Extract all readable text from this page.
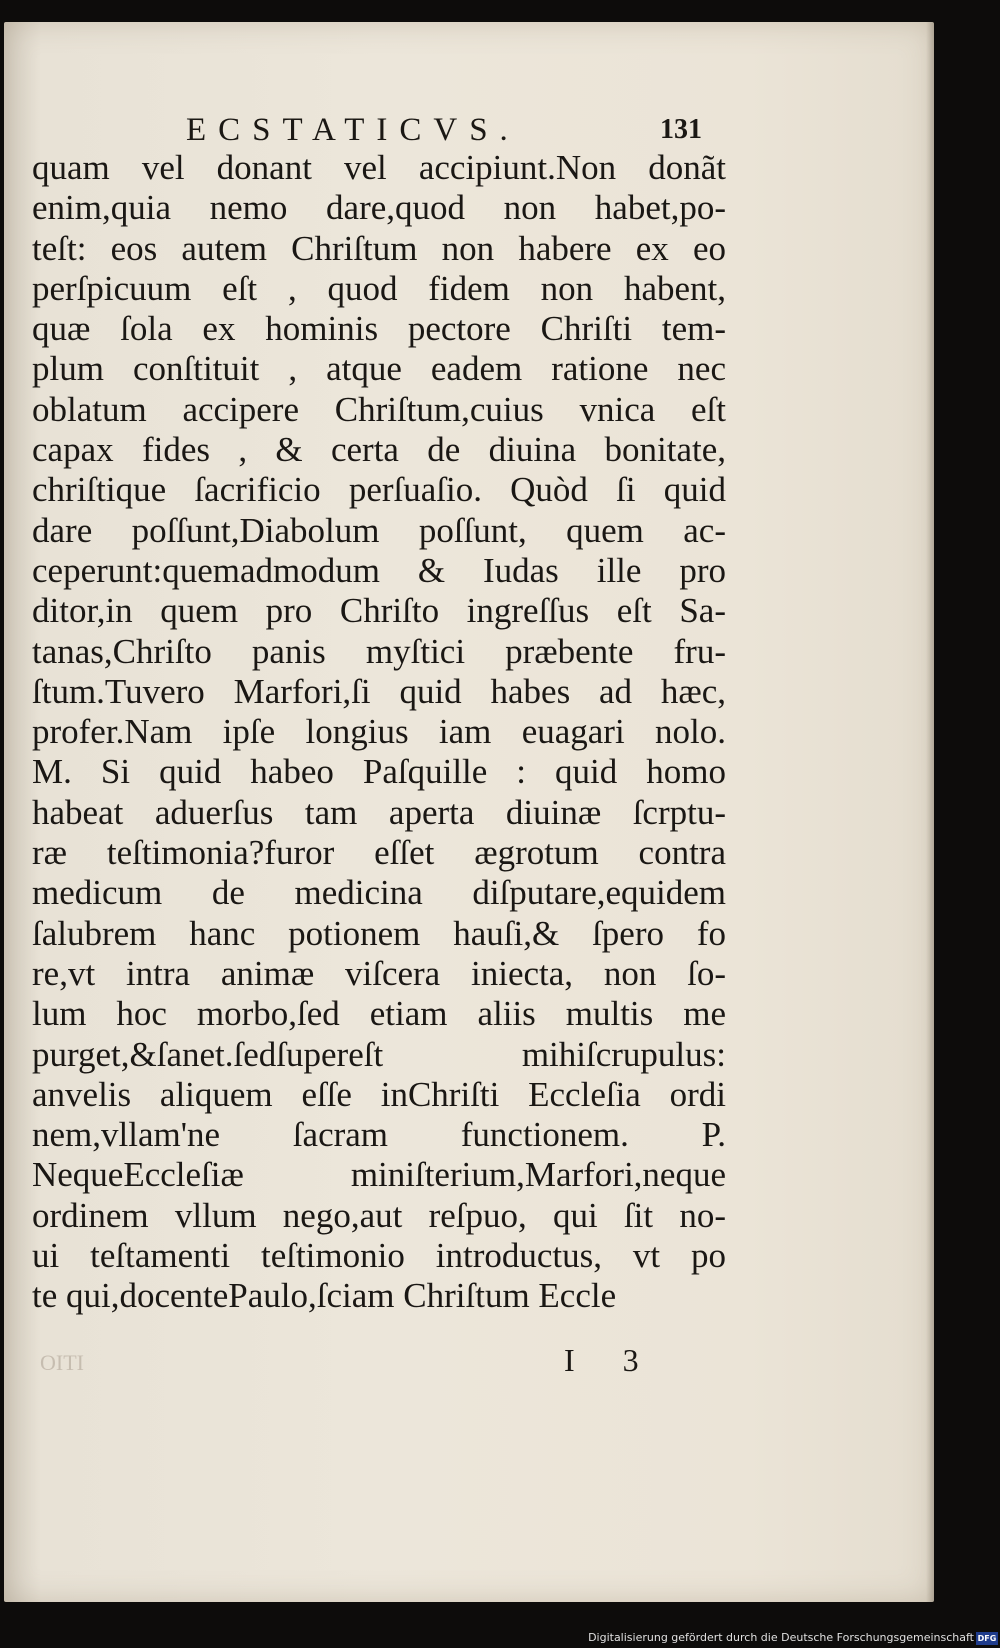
ECSTATICVS.	131
quam vel donant vel accipiunt.Non donãt
enim,quia nemo dare,quod non habet,po-
teſt: eos autem Chriſtum non habere ex eo
perſpicuum eſt , quod fidem non habent,
quæ ſola ex hominis pectore Chriſti tem-
plum conſtituit , atque eadem ratione nec
oblatum accipere Chriſtum,cuius vnica eſt
capax fides , & certa de diuina bonitate,
chriſtique ſacrificio perſuaſio. Quòd ſi quid
dare poſſunt,Diabolum poſſunt, quem ac-
ceperunt:quemadmodum & Iudas ille pro
ditor,in quem pro Chriſto ingreſſus eſt Sa-
tanas,Chriſto panis myſtici præbente fru-
ſtum.Tuvero Marfori,ſi quid habes ad hæc,
profer.Nam ipſe longius iam euagari nolo.
M. Si quid habeo Paſquille : quid homo
habeat aduerſus tam aperta diuinæ ſcrptu-
ræ teſtimonia?furor eſſet ægrotum contra
medicum de medicina diſputare,equidem
ſalubrem hanc potionem hauſi,& ſpero fo
re,vt intra animæ viſcera iniecta, non ſo-
lum hoc morbo,ſed etiam aliis multis me
purget,&ſanet.ſedſupereſt mihiſcrupulus:
anvelis aliquem eſſe inChriſti Eccleſia ordi
nem,vllam'ne ſacram functionem. P.
NequeEccleſiæ miniſterium,Marfori,neque
ordinem vllum nego,aut reſpuo, qui ſit no-
ui teſtamenti teſtimonio introductus, vt po
te qui,docentePaulo,ſciam Chriſtum Eccle
OITI	I 3
Digitalisierung gefördert durch die Deutsche Forschungsgemeinschaft DFG
